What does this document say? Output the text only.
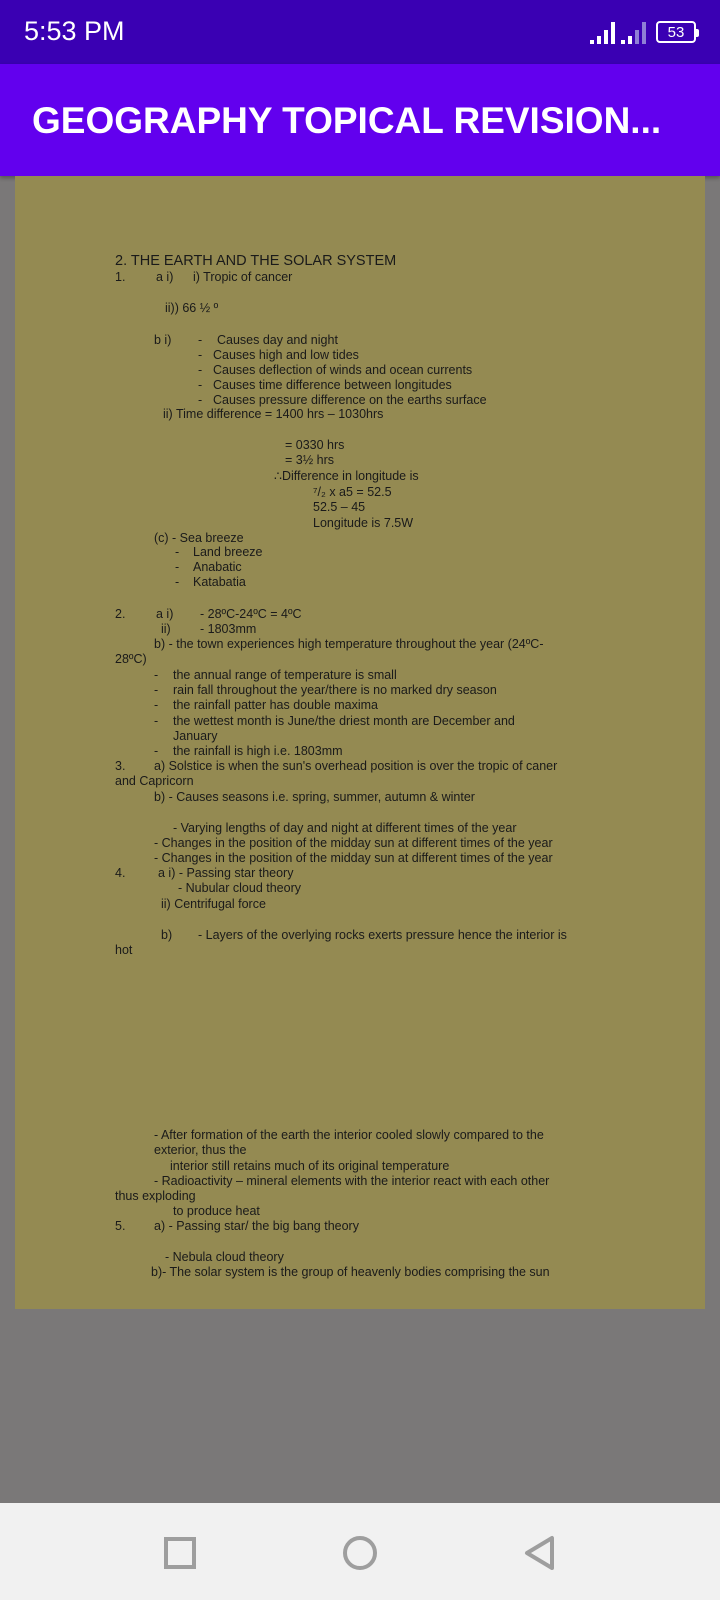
5:53 PM	53
GEOGRAPHY TOPICAL REVISION...
2. THE EARTH AND THE SOLAR SYSTEM
1. a i) i) Tropic of cancer
ii)) 66 ½ º
b i) - Causes day and night
- Causes high and low tides
- Causes deflection of winds and ocean currents
- Causes time difference between longitudes
- Causes pressure difference on the earths surface
ii) Time difference = 1400 hrs – 1030hrs
= 0330 hrs
= 3½ hrs
∴Difference in longitude is
⁷/₂ x a5 = 52.5
52.5 – 45
Longitude is 7.5W
(c) - Sea breeze
- Land breeze
- Anabatic
- Katabatia
2. a i) - 28ºC-24ºC = 4ºC
ii) - 1803mm
b) - the town experiences high temperature throughout the year (24ºC-
28ºC)
- the annual range of temperature is small
- rain fall throughout the year/there is no marked dry season
- the rainfall patter has double maxima
- the wettest month is June/the driest month are December and
January
- the rainfall is high i.e. 1803mm
3. a) Solstice is when the sun's overhead position is over the tropic of caner
and Capricorn
b) - Causes seasons i.e. spring, summer, autumn & winter
- Varying lengths of day and night at different times of the year
- Changes in the position of the midday sun at different times of the year
- Changes in the position of the midday sun at different times of the year
4.	a i) - Passing star theory
- Nubular cloud theory
ii) Centrifugal force
b) - Layers of the overlying rocks exerts pressure hence the interior is
hot
- After formation of the earth the interior cooled slowly compared to the
exterior, thus the
interior still retains much of its original temperature
- Radioactivity – mineral elements with the interior react with each other
thus exploding
to produce heat
5. a) - Passing star/ the big bang theory
- Nebula cloud theory
b)- The solar system is the group of heavenly bodies comprising the sun
